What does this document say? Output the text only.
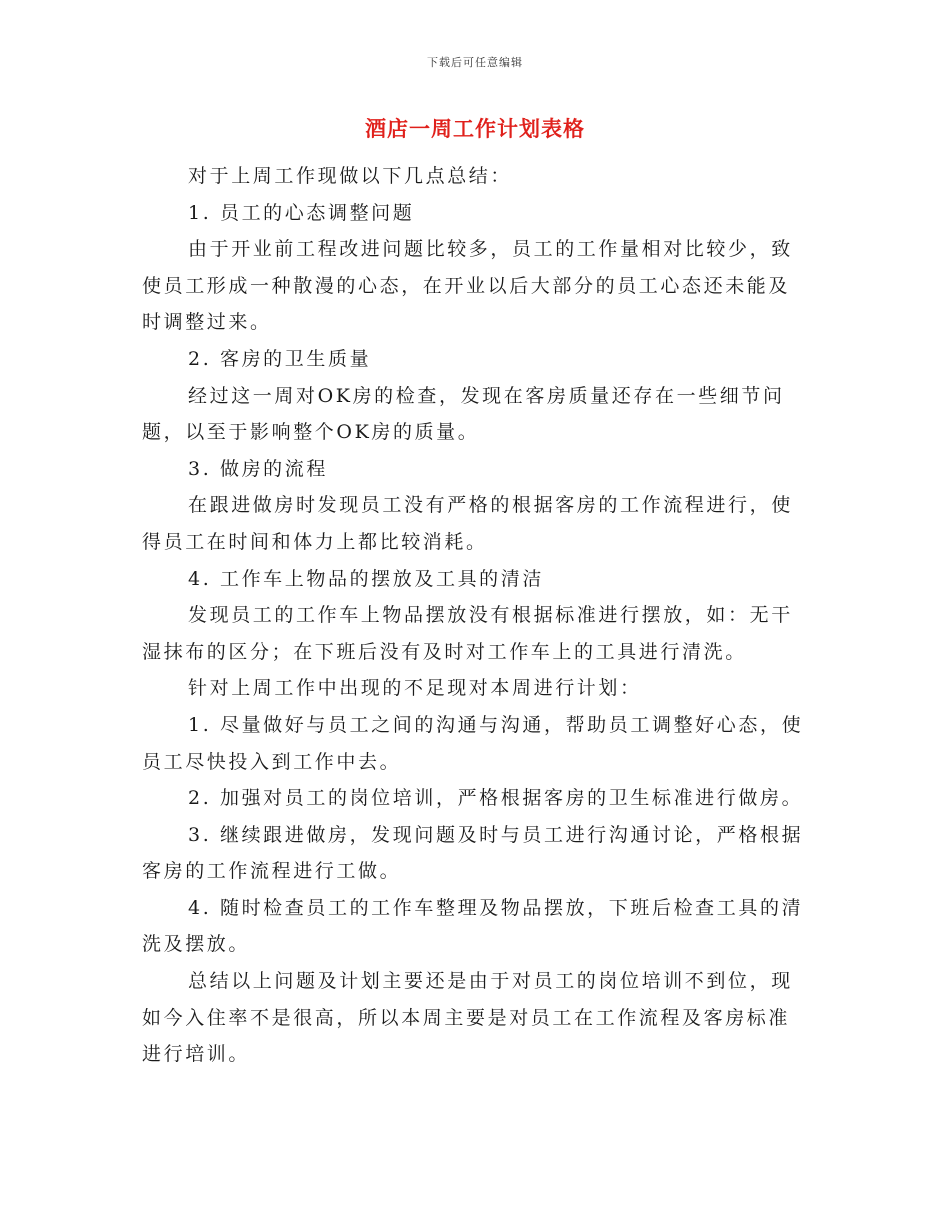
下载后可任意编辑
酒店一周工作计划表格

对于上周工作现做以下几点总结：

1. 员工的心态调整问题

由于开业前工程改进问题比较多，员工的工作量相对比较少，致使员工形成一种散漫的心态，在开业以后大部分的员工心态还未能及时调整过来。

2. 客房的卫生质量

经过这一周对OK房的检查，发现在客房质量还存在一些细节问题，以至于影响整个OK房的质量。

3. 做房的流程

在跟进做房时发现员工没有严格的根据客房的工作流程进行，使得员工在时间和体力上都比较消耗。

4. 工作车上物品的摆放及工具的清洁

发现员工的工作车上物品摆放没有根据标准进行摆放，如：无干湿抹布的区分；在下班后没有及时对工作车上的工具进行清洗。

针对上周工作中出现的不足现对本周进行计划：

1. 尽量做好与员工之间的沟通与沟通，帮助员工调整好心态，使员工尽快投入到工作中去。

2. 加强对员工的岗位培训，严格根据客房的卫生标准进行做房。

3. 继续跟进做房，发现问题及时与员工进行沟通讨论，严格根据客房的工作流程进行工做。

4. 随时检查员工的工作车整理及物品摆放，下班后检查工具的清洗及摆放。

总结以上问题及计划主要还是由于对员工的岗位培训不到位，现如今入住率不是很高，所以本周主要是对员工在工作流程及客房标准进行培训。
